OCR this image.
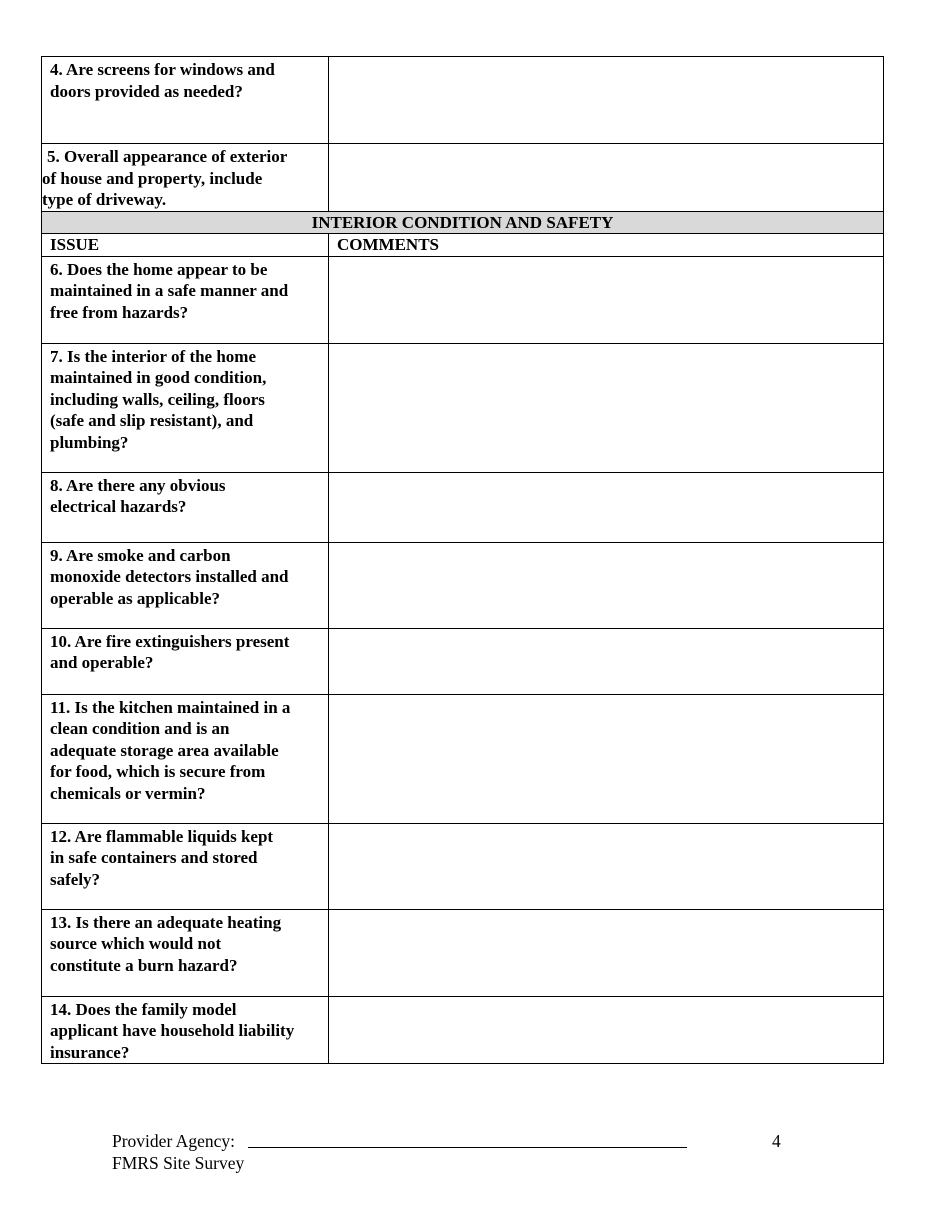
4. Are screens for windows and
doors provided as needed?	

5. Overall appearance of exterior
of house and property, include
type of driveway.	

INTERIOR CONDITION AND SAFETY	
ISSUE	COMMENTS

6. Does the home appear to be
maintained in a safe manner and
free from hazards?	

7. Is the interior of the home
maintained in good condition,
including walls, ceiling, floors
(safe and slip resistant), and
plumbing?	

8. Are there any obvious
electrical hazards?	

9. Are smoke and carbon
monoxide detectors installed and
operable as applicable?	

10. Are fire extinguishers present
and operable?	

11. Is the kitchen maintained in a
clean condition and is an
adequate storage area available
for food, which is secure from
chemicals or vermin?	

12. Are flammable liquids kept
in safe containers and stored
safely?	

13. Is there an adequate heating
source which would not
constitute a burn hazard?	

14. Does the family model
applicant have household liability
insurance?	

Provider Agency:	4
FMRS Site Survey
